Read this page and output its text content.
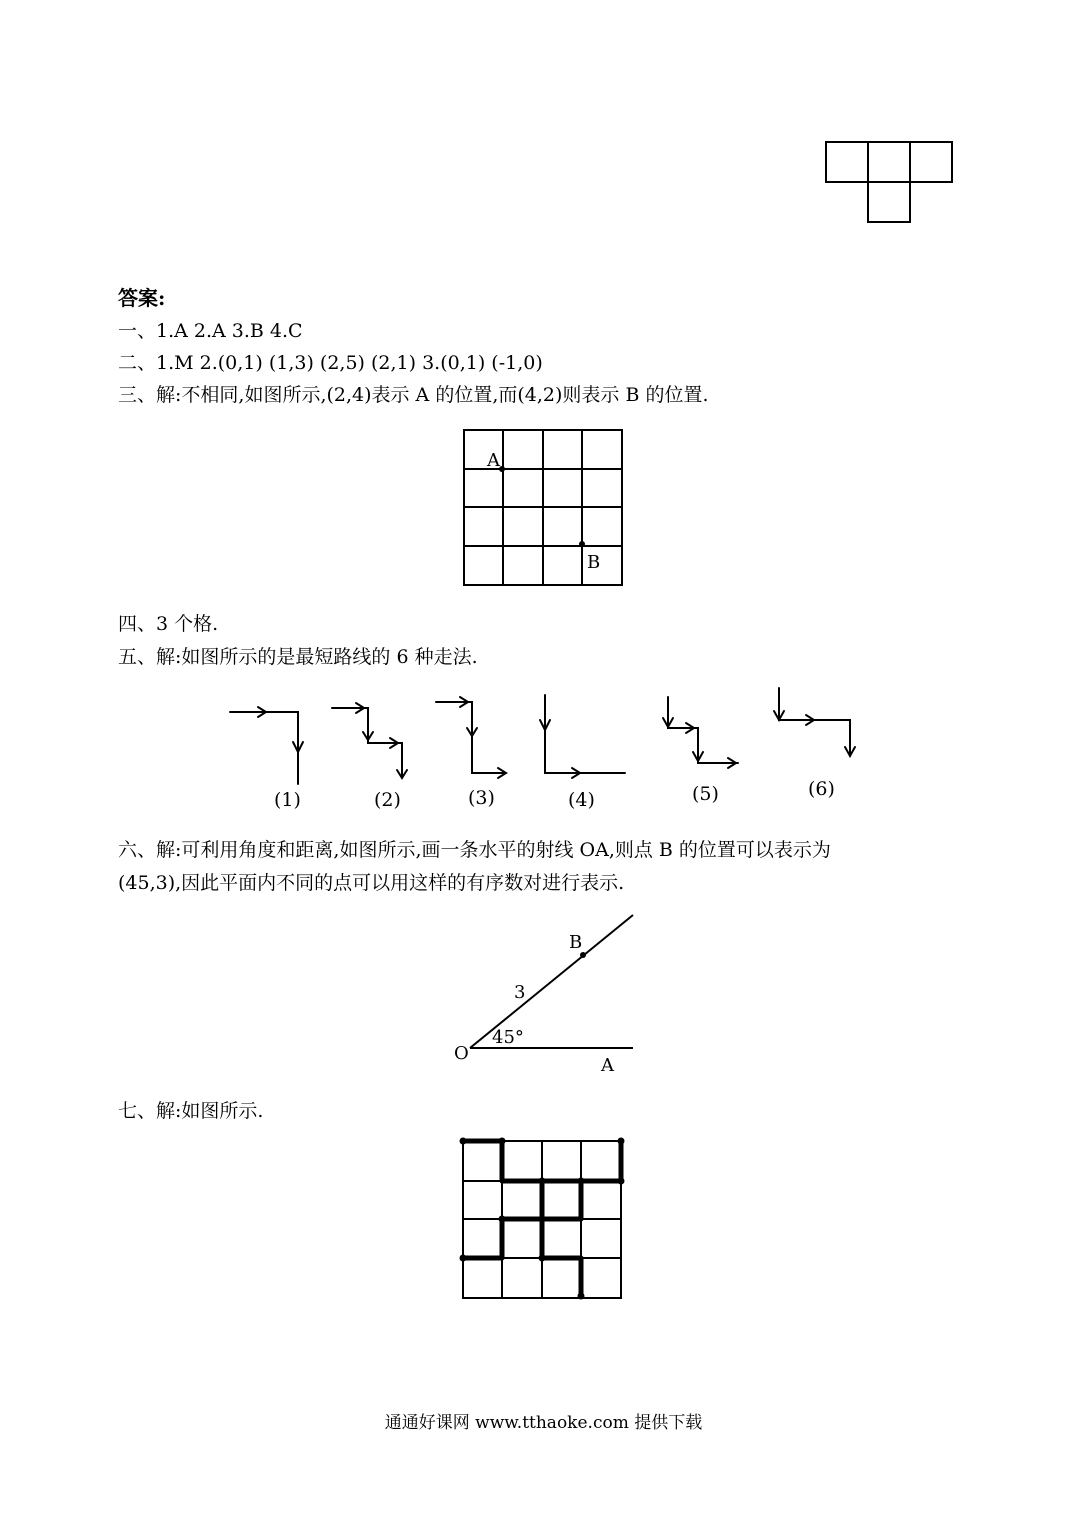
答案:
一、1.A 2.A 3.B 4.C
二、1.M 2.(0,1) (1,3) (2,5) (2,1) 3.(0,1) (-1,0)
三、解:不相同,如图所示,(2,4)表示 A 的位置,而(4,2)则表示 B 的位置.
A
B
四、3 个格.
五、解:如图所示的是最短路线的 6 种走法.
(1)	(2)	(3)	(4)	(5)	(6)
六、解:可利用角度和距离,如图所示,画一条水平的射线 OA,则点 B 的位置可以表示为
(45,3),因此平面内不同的点可以用这样的有序数对进行表示.
B
3
45°
O
A
七、解:如图所示.
通通好课网 www.tthaoke.com 提供下载
